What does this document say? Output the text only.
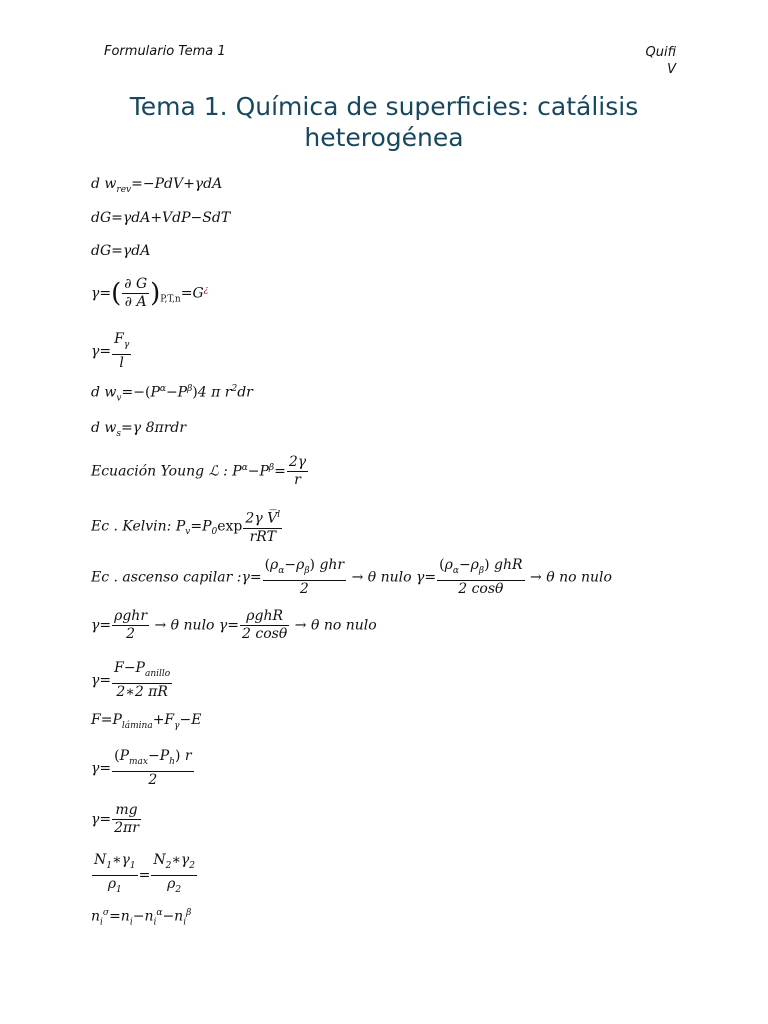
Formulario Tema 1	Quifi
V
Tema 1. Química de superficies: catálisis
heterogénea
d $w_{rev}=-PdV+\gamma dA$
dG=γdA+VdP−SdT
dG=γdA
$\gamma=( \frac{\partial G}{\partial A} )_{P,T,n}=G^¿$
$\gamma= \frac{F_\gamma}{l}$
d $w_v=-(P^\alpha-P^\beta)4$ π $r^2dr$
d $w_s=\gamma$ 8πrdr
Ecuación Young ℒ : $P^\alpha-P^\beta= \frac{2\gamma}{r}$
Ec . Kelvin: $P_v=P_0\exp \frac{2\gamma V̅^l}{\text{rRT}}$
Ec . ascenso capilar :γ= $\frac{(\rho_\alpha-\rho_\beta) ghr}{2} \to \theta$ nulo $\gamma= \frac{(\rho_\alpha-\rho_\beta) ghR}{2 \cos\theta} \to \theta$ no nulo
$\gamma= \frac{\text{ρghr}}{2} \to \theta$ nulo $\gamma= \frac{\text{ρghR}}{2 \cos\theta} \to \theta$ no nulo
$\gamma= \frac{F-P_{anillo}}{2∗2 \pi R}$
$F=P_{lámina}+F_\gamma-E$
$\gamma= \frac{(P_{max}-P_h) r}{2}$
$\gamma= \frac{mg}{2\pi r}$
$\frac{N_1∗\gamma_1}{\rho_1} = \frac{N_2∗\gamma_2}{\rho_2}$
$n_i^\sigma=n_i-n_i^\alpha-n_i^\beta$
